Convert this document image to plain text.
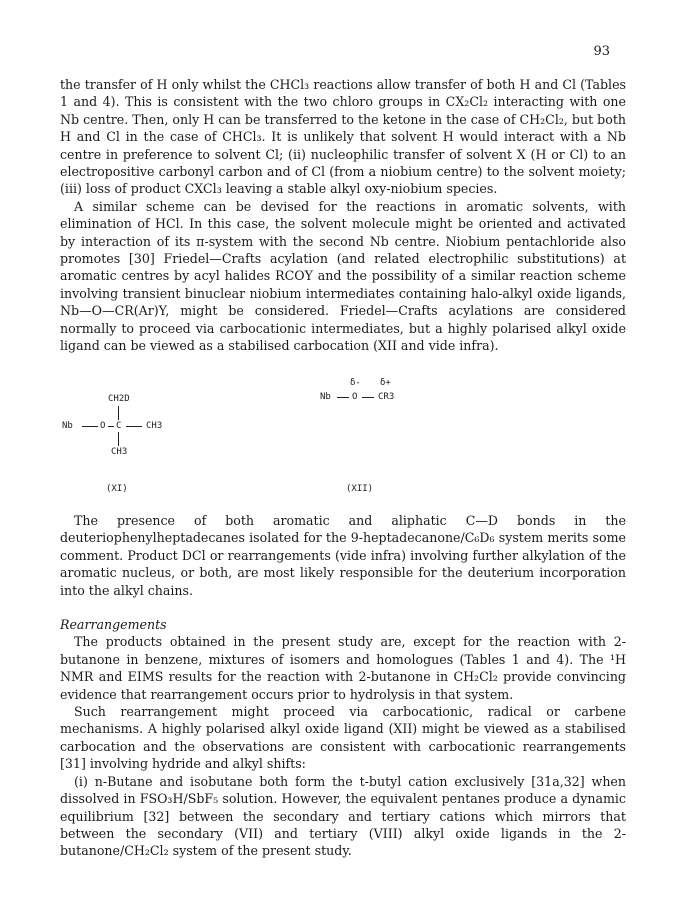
93

the transfer of H only whilst the CHCl₃ reactions allow transfer of both H and Cl (Tables 1 and 4). This is consistent with the two chloro groups in CX₂Cl₂ interacting with one Nb centre. Then, only H can be transferred to the ketone in the case of CH₂Cl₂, but both H and Cl in the case of CHCl₃. It is unlikely that solvent H would interact with a Nb centre in preference to solvent Cl; (ii) nucleophilic transfer of solvent X (H or Cl) to an electropositive carbonyl carbon and of Cl (from a niobium centre) to the solvent moiety; (iii) loss of product CXCl₃ leaving a stable alkyl oxy-niobium species.

A similar scheme can be devised for the reactions in aromatic solvents, with elimination of HCl. In this case, the solvent molecule might be oriented and activated by interaction of its π-system with the second Nb centre. Niobium pentachloride also promotes [30] Friedel—Crafts acylation (and related electrophilic substitutions) at aromatic centres by acyl halides RCOY and the possibility of a similar reaction scheme involving transient binuclear niobium intermediates containing halo-alkyl oxide ligands, Nb—O—CR(Ar)Y, might be considered. Friedel—Crafts acylations are considered normally to proceed via carbocationic intermediates, but a highly polarised alkyl oxide ligand can be viewed as a stabilised carbocation (XII and vide infra).

CH2D
Nb	O C	CH3
CH3
(XI)
δ- δ+
Nb O CR3
(XII)

The presence of both aromatic and aliphatic C—D bonds in the deuteriophenylheptadecanes isolated for the 9-heptadecanone/C₆D₆ system merits some comment. Product DCl or rearrangements (vide infra) involving further alkylation of the aromatic nucleus, or both, are most likely responsible for the deuterium incorporation into the alkyl chains.

Rearrangements

The products obtained in the present study are, except for the reaction with 2-butanone in benzene, mixtures of isomers and homologues (Tables 1 and 4). The ¹H NMR and EIMS results for the reaction with 2-butanone in CH₂Cl₂ provide convincing evidence that rearrangement occurs prior to hydrolysis in that system.

Such rearrangement might proceed via carbocationic, radical or carbene mechanisms. A highly polarised alkyl oxide ligand (XII) might be viewed as a stabilised carbocation and the observations are consistent with carbocationic rearrangements [31] involving hydride and alkyl shifts:

(i) n-Butane and isobutane both form the t-butyl cation exclusively [31a,32] when dissolved in FSO₃H/SbF₅ solution. However, the equivalent pentanes produce a dynamic equilibrium [32] between the secondary and tertiary cations which mirrors that between the secondary (VII) and tertiary (VIII) alkyl oxide ligands in the 2-butanone/CH₂Cl₂ system of the present study.
